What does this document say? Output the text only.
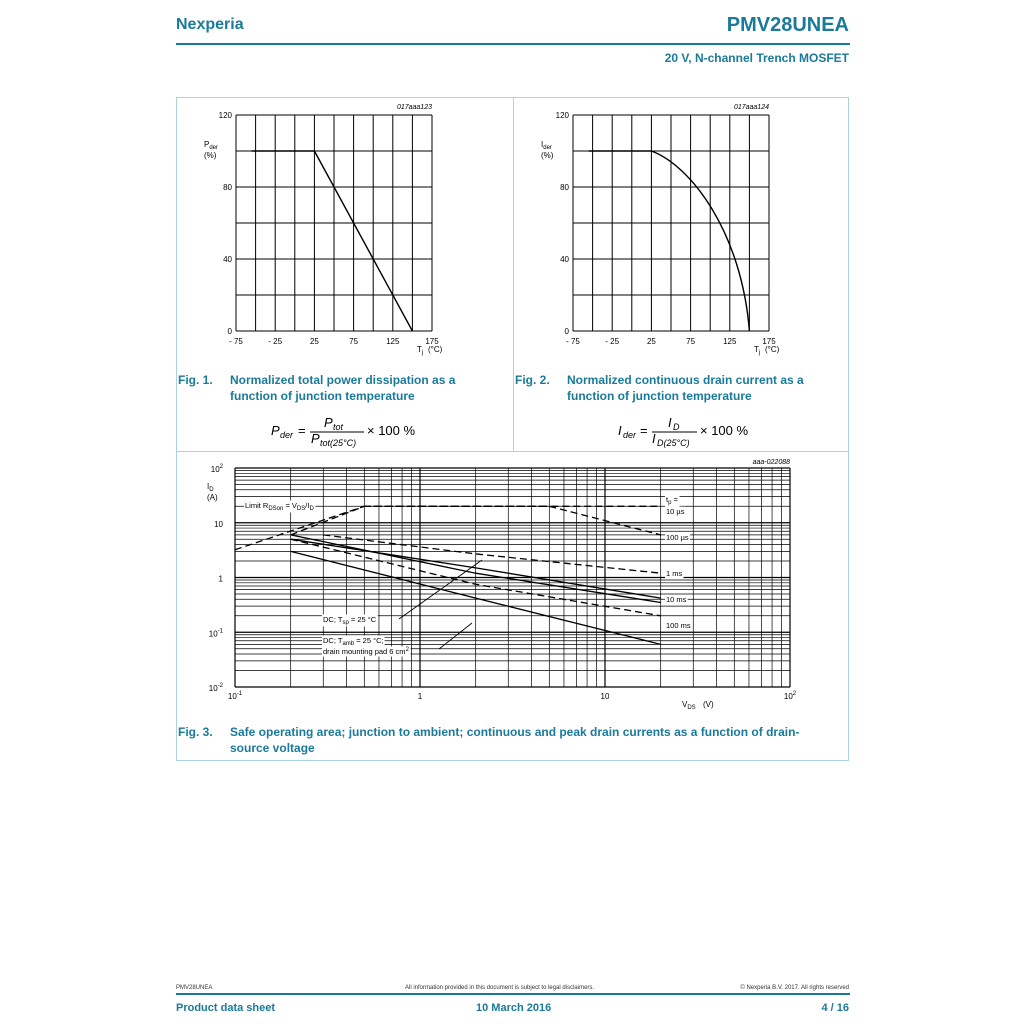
Nexperia	PMV28UNEA
20 V, N-channel Trench MOSFET
017aaa123
0
40
80
120
- 75	- 25	25	75	125	175
$P_{der}$
(%)
$T_j$ (°C)
017aaa124
0
40
80
120
- 75	- 25	25	75	125	175
$I_{der}$
(%)
$T_j$ (°C)
aaa-022088
$10^{-2}$
$10^{-1}$
1
10
$10^2$
$10^{-1}$	1	10	$10^2$
$I_D$
(A)
$V_{DS}$ (V)
Limit $R_{DSon} = V_{DS}/I_D$
$t_p$ =
10 µs
100 µs
1 ms
10 ms
100 ms
DC; $T_{sp} = 25$ °C
DC; $T_{amb} = 25$ °C;
drain mounting pad 6 $cm^2$
Fig. 1. Normalized total power dissipation as a
function of junction temperature
P der =
P tot
P tot(25°C)
× 100 %
Fig. 2. Normalized continuous drain current as a
function of junction temperature
I der =
I D
I D(25°C)
× 100 %
Fig. 3. Safe operating area; junction to ambient; continuous and peak drain currents as a function of drain-
source voltage
PMV28UNEA	All information provided in this document is subject to legal disclaimers.	© Nexperia B.V. 2017. All rights reserved
Product data sheet	10 March 2016	4 / 16
